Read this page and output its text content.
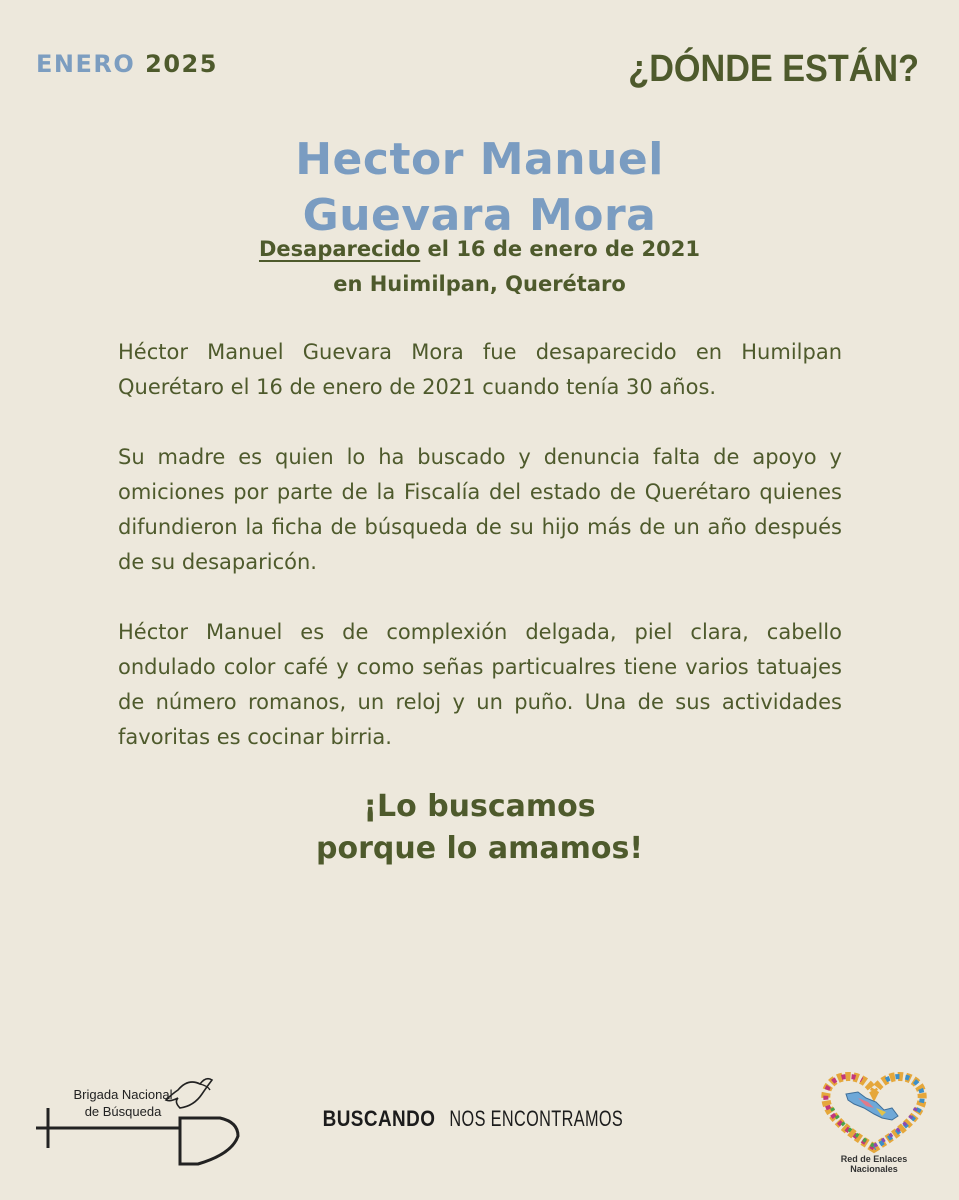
ENERO 2025	¿DÓNDE ESTÁN?
Hector Manuel
Guevara Mora
Desaparecido el 16 de enero de 2021
en Huimilpan, Querétaro

Héctor Manuel Guevara Mora fue desaparecido en Humilpan Querétaro el 16 de enero de 2021 cuando tenía 30 años.

Su madre es quien lo ha buscado y denuncia falta de apoyo y omiciones por parte de la Fiscalía del estado de Querétaro quienes difundieron la ficha de búsqueda de su hijo más de un año después de su desaparicón.

Héctor Manuel es de complexión delgada, piel clara, cabello ondulado color café y como señas particualres tiene varios tatuajes de número romanos, un reloj y un puño. Una de sus actividades favoritas es cocinar birria.

¡Lo buscamos
porque lo amamos!
Brigada Nacional
de Búsqueda	BUSCANDONOS ENCONTRAMOS
Red de Enlaces Nacionales
